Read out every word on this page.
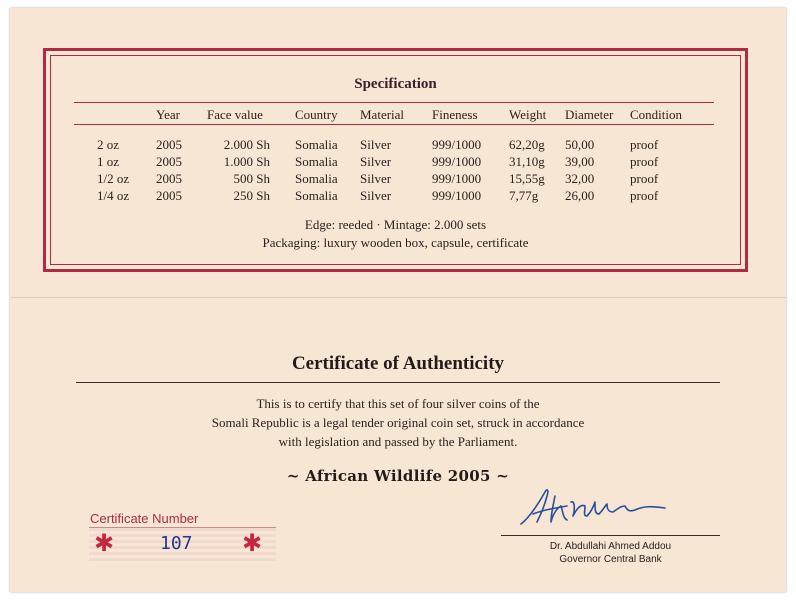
Specification
Year Face value Country Material Fineness Weight Diameter Condition
2 oz	2005	2.000 Sh Somalia Silver	999/1000 62,20g 50,00	proof
1 oz	2005	1.000 Sh Somalia Silver	999/1000 31,10g 39,00	proof
1/2 oz 2005	500 Sh Somalia Silver	999/1000 15,55g 32,00	proof
1/4 oz 2005	250 Sh Somalia Silver	999/1000 7,77g 26,00	proof
Edge: reeded · Mintage: 2.000 sets
Packaging: luxury wooden box, capsule, certificate
Certificate of Authenticity
This is to certify that this set of four silver coins of the
Somali Republic is a legal tender original coin set, struck in accordance
with legislation and passed by the Parliament.
~ African Wildlife 2005 ~
Certificate Number
✱	107 ✱	Dr. Abdullahi Ahmed Addou
Governor Central Bank
